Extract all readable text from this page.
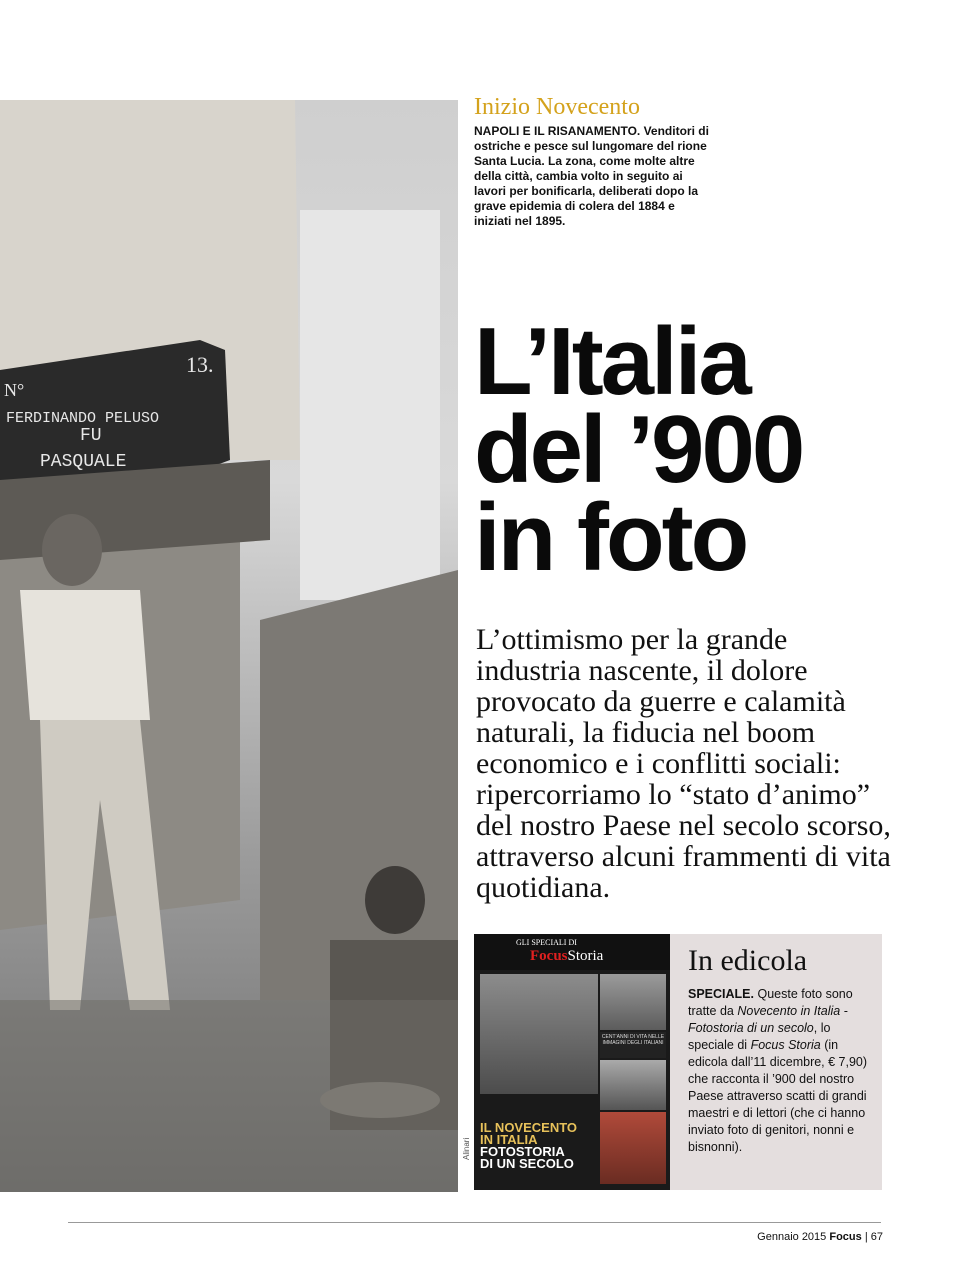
13.
N°
FERDINANDO PELUSO
FU
PASQUALE
Alinari
Inizio Novecento
NAPOLI E IL RISANAMENTO. Venditori di ostriche e pesce sul lungomare del rione Santa Lucia. La zona, come molte altre della città, cambia volto in seguito ai lavori per bonificarla, deliberati dopo la grave epidemia di colera del 1884 e iniziati nel 1895.
L’Italia
del ’900
in foto
L’ottimismo per la grande industria nascente, il dolore provocato da guerre e calamità naturali, la fiducia nel boom economico e i conflitti sociali: ripercorriamo lo “stato d’animo” del nostro Paese nel secolo scorso, attraverso alcuni frammenti di vita quotidiana.
GLI SPECIALI DI
FocusStoria
CENT’ANNI DI VITA NELLE IMMAGINI DEGLI ITALIANI
IL NOVECENTO
IN ITALIA
FOTOSTORIA
DI UN SECOLO
In edicola
SPECIALE. Queste foto sono tratte da Novecento in Italia - Fotostoria di un secolo, lo speciale di Focus Storia (in edicola dall’11 dicembre, € 7,90) che racconta il ’900 del nostro Paese attraverso scatti di grandi maestri e di lettori (che ci hanno inviato foto di genitori, nonni e bisnonni).
Gennaio 2015 Focus | 67
